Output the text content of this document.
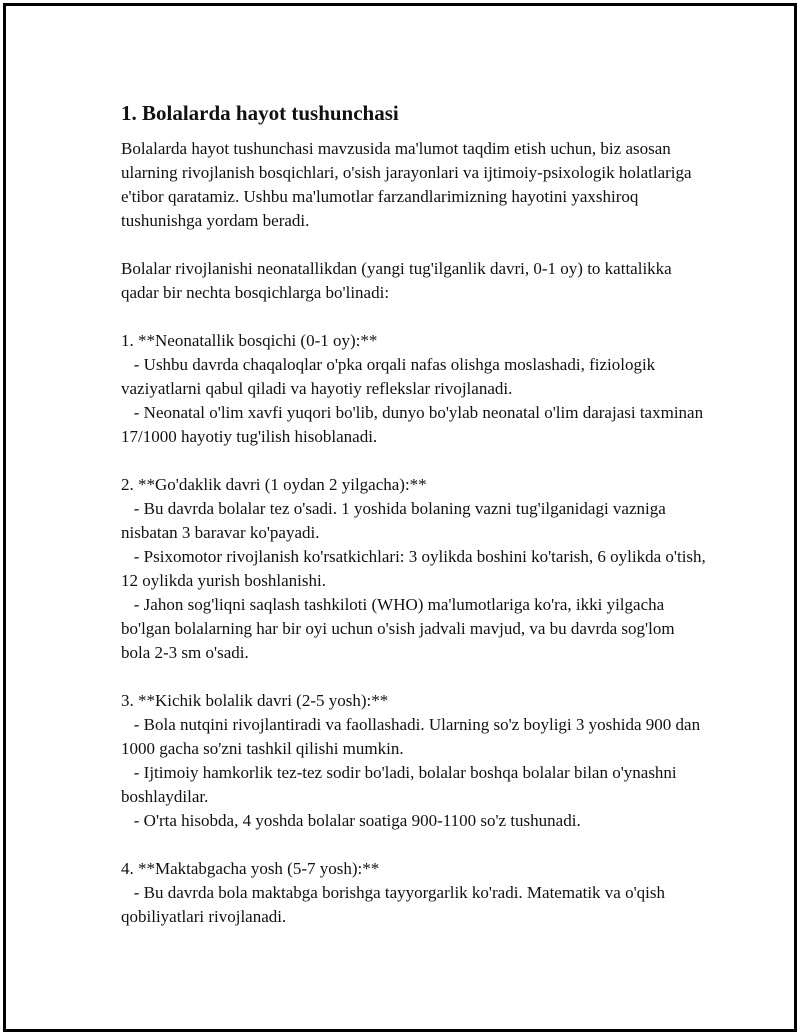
1. Bolalarda hayot tushunchasi

Bolalarda hayot tushunchasi mavzusida ma'lumot taqdim etish uchun, biz asosan ularning rivojlanish bosqichlari, o'sish jarayonlari va ijtimoiy-psixologik holatlariga e'tibor qaratamiz. Ushbu ma'lumotlar farzandlarimizning hayotini yaxshiroq tushunishga yordam beradi.

Bolalar rivojlanishi neonatallikdan (yangi tug'ilganlik davri, 0-1 oy) to kattalikka qadar bir nechta bosqichlarga bo'linadi:

1. **Neonatallik bosqichi (0-1 oy):**

- Ushbu davrda chaqaloqlar o'pka orqali nafas olishga moslashadi, fiziologik vaziyatlarni qabul qiladi va hayotiy reflekslar rivojlanadi.

- Neonatal o'lim xavfi yuqori bo'lib, dunyo bo'ylab neonatal o'lim darajasi taxminan 17/1000 hayotiy tug'ilish hisoblanadi.

2. **Go'daklik davri (1 oydan 2 yilgacha):**

- Bu davrda bolalar tez o'sadi. 1 yoshida bolaning vazni tug'ilganidagi vazniga nisbatan 3 baravar ko'payadi.

- Psixomotor rivojlanish ko'rsatkichlari: 3 oylikda boshini ko'tarish, 6 oylikda o'tish, 12 oylikda yurish boshlanishi.

- Jahon sog'liqni saqlash tashkiloti (WHO) ma'lumotlariga ko'ra, ikki yilgacha bo'lgan bolalarning har bir oyi uchun o'sish jadvali mavjud, va bu davrda sog'lom bola 2-3 sm o'sadi.

3. **Kichik bolalik davri (2-5 yosh):**

- Bola nutqini rivojlantiradi va faollashadi. Ularning so'z boyligi 3 yoshida 900 dan 1000 gacha so'zni tashkil qilishi mumkin.

- Ijtimoiy hamkorlik tez-tez sodir bo'ladi, bolalar boshqa bolalar bilan o'ynashni boshlaydilar.

- O'rta hisobda, 4 yoshda bolalar soatiga 900-1100 so'z tushunadi.

4. **Maktabgacha yosh (5-7 yosh):**

- Bu davrda bola maktabga borishga tayyorgarlik ko'radi. Matematik va o'qish qobiliyatlari rivojlanadi.
